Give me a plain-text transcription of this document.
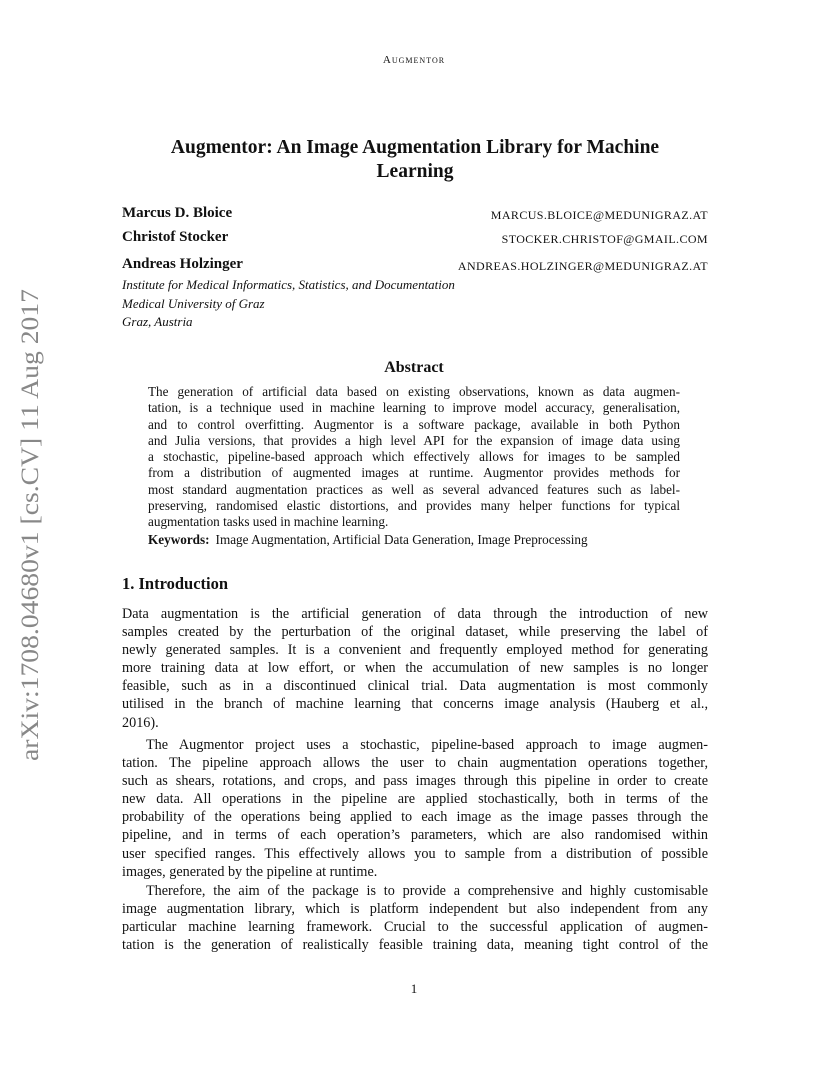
Augmentor
arXiv:1708.04680v1 [cs.CV] 11 Aug 2017
Augmentor: An Image Augmentation Library for Machine
Learning
Marcus D. Bloice	MARCUS.BLOICE@MEDUNIGRAZ.AT
Christof Stocker	STOCKER.CHRISTOF@GMAIL.COM
Andreas Holzinger	ANDREAS.HOLZINGER@MEDUNIGRAZ.AT
Institute for Medical Informatics, Statistics, and Documentation
Medical University of Graz
Graz, Austria
Abstract
The generation of artificial data based on existing observations, known as data augmen-
tation, is a technique used in machine learning to improve model accuracy, generalisation,
and to control overfitting. Augmentor is a software package, available in both Python
and Julia versions, that provides a high level API for the expansion of image data using
a stochastic, pipeline-based approach which effectively allows for images to be sampled
from a distribution of augmented images at runtime. Augmentor provides methods for
most standard augmentation practices as well as several advanced features such as label-
preserving, randomised elastic distortions, and provides many helper functions for typical
augmentation tasks used in machine learning.
Keywords: Image Augmentation, Artificial Data Generation, Image Preprocessing
1. Introduction
Data augmentation is the artificial generation of data through the introduction of new
samples created by the perturbation of the original dataset, while preserving the label of
newly generated samples. It is a convenient and frequently employed method for generating
more training data at low effort, or when the accumulation of new samples is no longer
feasible, such as in a discontinued clinical trial. Data augmentation is most commonly
utilised in the branch of machine learning that concerns image analysis (Hauberg et al.,
2016).
The Augmentor project uses a stochastic, pipeline-based approach to image augmen-
tation. The pipeline approach allows the user to chain augmentation operations together,
such as shears, rotations, and crops, and pass images through this pipeline in order to create
new data. All operations in the pipeline are applied stochastically, both in terms of the
probability of the operations being applied to each image as the image passes through the
pipeline, and in terms of each operation’s parameters, which are also randomised within
user specified ranges. This effectively allows you to sample from a distribution of possible
images, generated by the pipeline at runtime.
Therefore, the aim of the package is to provide a comprehensive and highly customisable
image augmentation library, which is platform independent but also independent from any
particular machine learning framework. Crucial to the successful application of augmen-
tation is the generation of realistically feasible training data, meaning tight control of the
1
